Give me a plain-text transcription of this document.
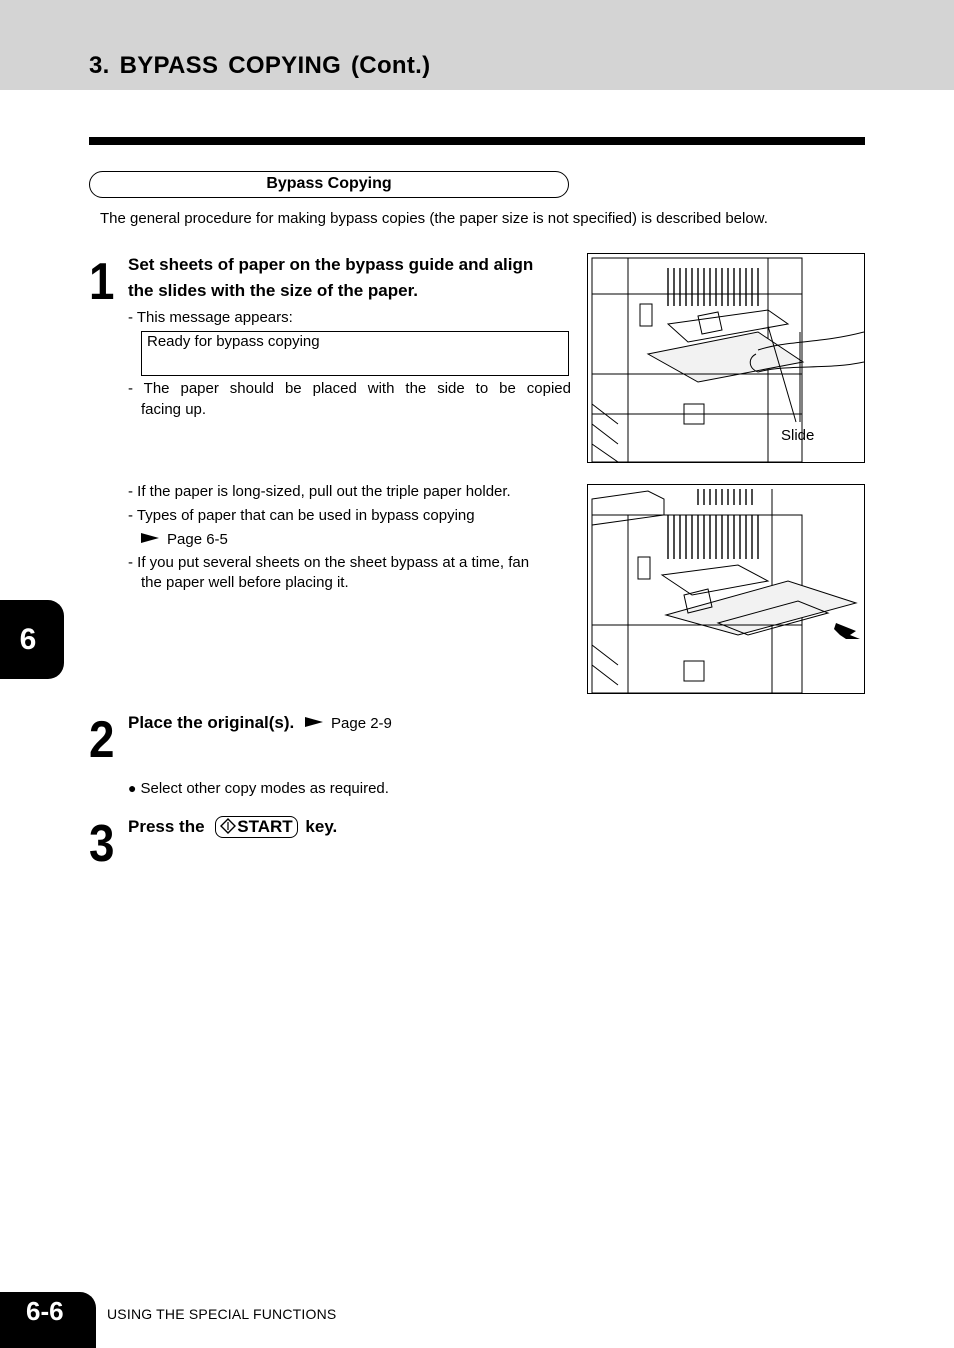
3. BYPASS COPYING (Cont.)
Bypass Copying
The general procedure for making bypass copies (the paper size is not specified) is described below.
1 Set sheets of paper on the bypass guide and align
the slides with the size of the paper.
- This message appears:
Ready for bypass copying
- The paper should be placed with the side to be copied
facing up.
Slide
- If the paper is long-sized, pull out the triple paper holder.
- Types of paper that can be used in bypass copying
Page 6-5
- If you put several sheets on the sheet bypass at a time, fan
the paper well before placing it.
6
2 Place the original(s). Page 2-9
● Select other copy modes as required.
3 Press the START key.
6-6	USING THE SPECIAL FUNCTIONS
